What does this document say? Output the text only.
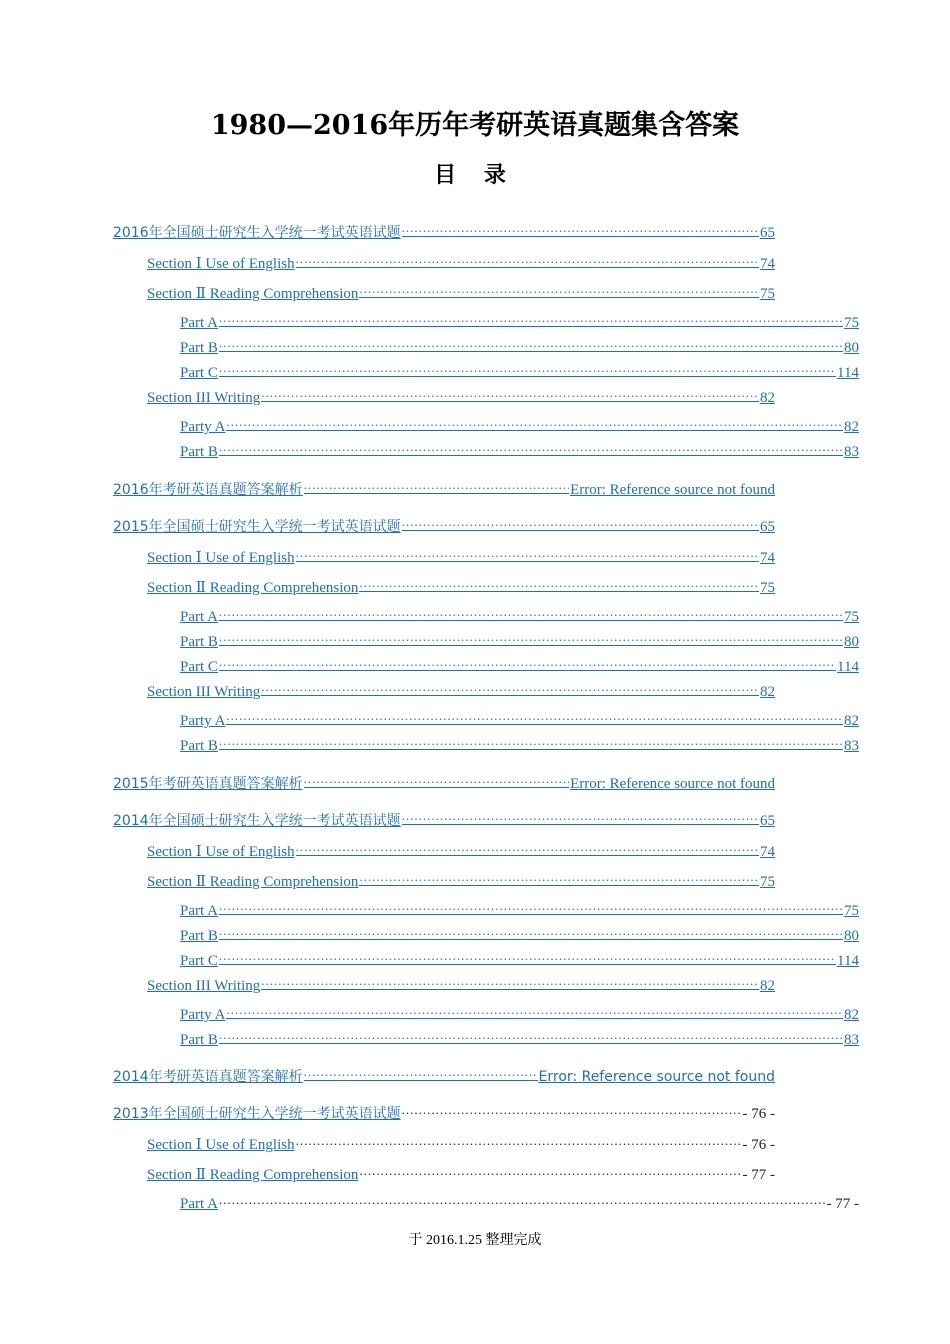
1980—2016年历年考研英语真题集含答案
目 录
2016年全国硕士研究生入学统一考试英语试题 .....	65
Section Ⅰ Use of English .....	74
Section Ⅱ Reading Comprehension .....	75
Part A .....	75
Part B .....	80
Part C .....	114
Section III Writing .....	82
Party A .....	82
Part B .....	83
2016年考研英语真题答案解析 .....	Error: Reference source not found
2015年全国硕士研究生入学统一考试英语试题 .....	65
Section Ⅰ Use of English .....	74
Section Ⅱ Reading Comprehension .....	75
Part A .....	75
Part B .....	80
Part C .....	114
Section III Writing .....	82
Party A .....	82
Part B .....	83
2015年考研英语真题答案解析 .....	Error: Reference source not found
2014年全国硕士研究生入学统一考试英语试题 .....	65
Section Ⅰ Use of English .....	74
Section Ⅱ Reading Comprehension .....	75
Part A .....	75
Part B .....	80
Part C .....	114
Section III Writing .....	82
Party A .....	82
Part B .....	83
2014年考研英语真题答案解析 .....	Error: Reference source not found
2013年全国硕士研究生入学统一考试英语试题 .....	- 76 -
Section Ⅰ Use of English .....	- 76 -
Section Ⅱ Reading Comprehension .....	- 77 -
Part A .....	- 77 -
于 2016.1.25 整理完成
